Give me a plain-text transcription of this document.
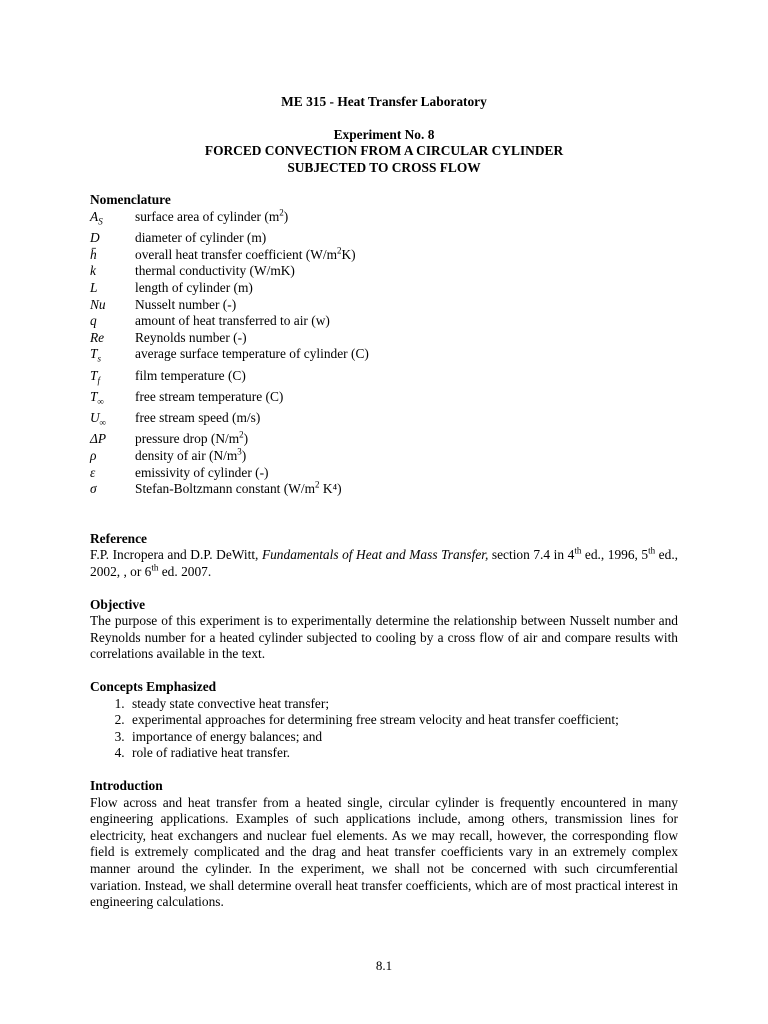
ME 315 - Heat Transfer Laboratory
Experiment No. 8
FORCED CONVECTION FROM A CIRCULAR CYLINDER
SUBJECTED TO CROSS FLOW
Nomenclature
$A_S$	surface area of cylinder $(m^2)$
D	diameter of cylinder (m)
h̄	overall heat transfer coefficient $(W/m^2K)$
k	thermal conductivity (W/mK)
L	length of cylinder (m)
Nu	Nusselt number (-)
q	amount of heat transferred to air (w)
Re	Reynolds number (-)
$T_s$	average surface temperature of cylinder (C)
$T_f$	film temperature (C)
$T_\infty$	free stream temperature (C)
$U_\infty$	free stream speed (m/s)
ΔP	pressure drop $(N/m^2)$
ρ	density of air $(N/m^3)$
ε	emissivity of cylinder (-)
σ	Stefan-Boltzmann constant ($W/m^2$ K⁴)
Reference
F.P. Incropera and D.P. DeWitt, Fundamentals of Heat and Mass Transfer, section 7.4 in 4th ed., 1996, 5th ed., 2002, , or 6th ed. 2007.
Objective
The purpose of this experiment is to experimentally determine the relationship between Nusselt number and Reynolds number for a heated cylinder subjected to cooling by a cross flow of air and compare results with correlations available in the text.
Concepts Emphasized
1. steady state convective heat transfer;
2. experimental approaches for determining free stream velocity and heat transfer coefficient;
3. importance of energy balances; and
4. role of radiative heat transfer.
Introduction
Flow across and heat transfer from a heated single, circular cylinder is frequently encountered in many engineering applications. Examples of such applications include, among others, transmission lines for electricity, heat exchangers and nuclear fuel elements. As we may recall, however, the corresponding flow field is extremely complicated and the drag and heat transfer coefficients vary in an extremely complex manner around the cylinder. In the experiment, we shall not be concerned with such circumferential variation. Instead, we shall determine overall heat transfer coefficients, which are of most practical interest in engineering calculations.
8.1
